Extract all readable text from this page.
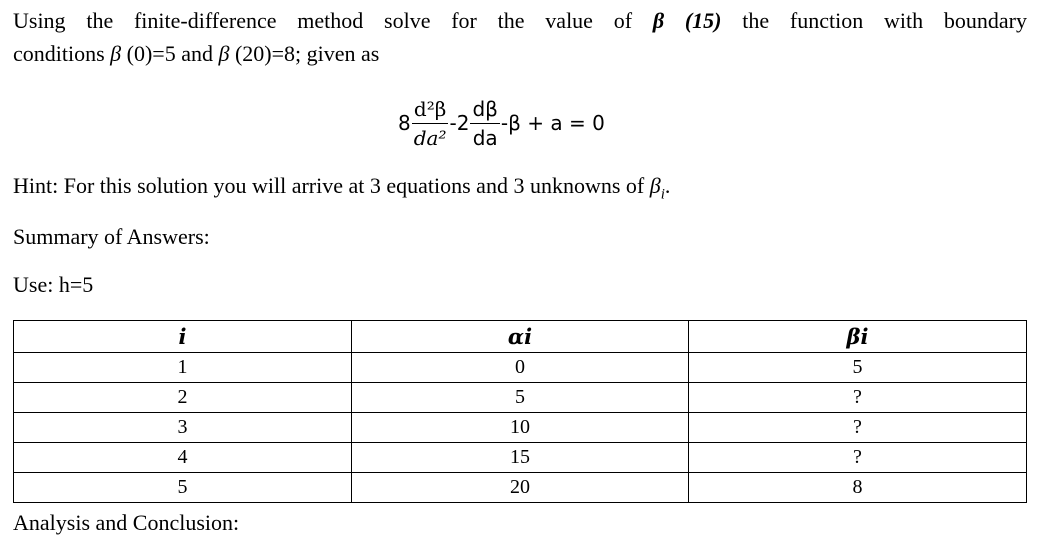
Using the finite-difference method solve for the value of β (15) the function with boundary
conditions β (0)=5 and β (20)=8; given as
$8 \frac{\text{d²β}}{\text{da²}} -2 \frac{d\beta}{da} -\beta + a = 0$
Hint: For this solution you will arrive at 3 equations and 3 unknowns of $\beta_i$.
Summary of Answers:
Use: h=5
i	αi	βi
1	0	5
2	5	?
3	10	?
4	15	?
5	20	8
Analysis and Conclusion:
